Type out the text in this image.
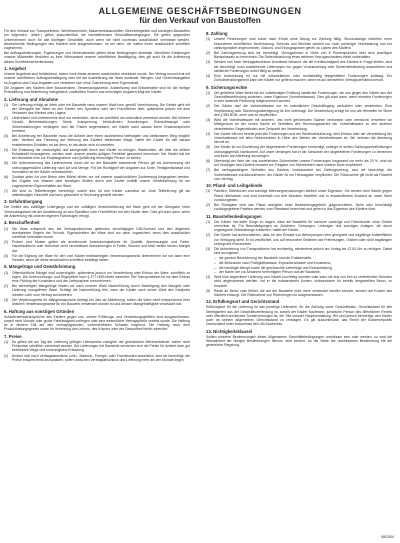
ALLGEMEINE GESCHÄFTSBEDINGUNGEN
für den Verkauf von Baustoffen
Für den Verkauf von Transportbeton, Werkfrischmörtel, Mauerwerksbaustoffen, Betonfertigteilen und sonstigen Baustoffen (im folgenden: „Ware“) gelten ausschließlich die nachstehenden Geschäftsbedingungen. Sie gelten gegenüber Unternehmern auch für alle künftigen Geschäfte, auch wenn sie nicht nochmals ausdrücklich vereinbart werden. Abweichende Bedingungen des Käufers sind ausgeschlossen, es sei denn, wir haben ihnen ausdrücklich schriftlich zugestimmt.
Bei Auftragsänderungen, Ergänzungen und Nebenabreden gelten diese Bedingungen ebenfalls. Mündliche Erklärungen unserer Mitarbeiter bedürfen zu ihrer Wirksamkeit unserer schriftlichen Bestätigung; dies gilt auch für die Aufhebung dieses Schriftformerfordernisses.
1. Angebot
Unsere Angebote sind freibleibend, sofern nicht etwas anderes ausdrücklich vereinbart wurde. Der Vertrag kommt erst mit unserer schriftlichen Auftragsbestätigung oder mit der Auslieferung der Ware zustande. Mengen- und Gewichtsangaben im Angebot sind Circa-Angaben und verstehen sich ohne Zusicherung einer Eigenschaft.
Die Angaben des Käufers über Bauvorhaben, Verwendungszweck, Anfahrtsweg und Entladestelle sind für die richtige Preisbildung und Belieferung maßgebend; zusätzliche Kosten aus unrichtigen Angaben trägt der Käufer.
2. Lieferung und Abnahme
(1)	Die Lieferung erfolgt ab Werk oder frei Baustelle nach unserer Wahl bzw. gemäß Vereinbarung. Die Gefahr geht mit der Übergabe der Ware an den Käufer, den Spediteur oder den Frachtführer über, spätestens jedoch mit dem Verlassen des Werkes oder Lagers.
(2)	Lieferfristen und Liefertermine sind nur verbindlich, wenn sie schriftlich als verbindlich vereinbart wurden. Bei höherer Gewalt, Betriebsstörungen, Streik, Aussperrung, behördlichen Anordnungen, Rohstoffmangel oder Verkehrsstörungen verlängern sich die Fristen angemessen; der Käufer kann daraus keine Ersatzansprüche herleiten.
(3)	Bei Anlieferung frei Baustelle muss die Anfahrt über einen ausreichend befestigten und befahrbaren Weg möglich sein. Verlässt das Fahrzeug auf Weisung des Käufers befahrbare Wege, haftet der Käufer für alle daraus entstehenden Schäden, es sei denn, er hat diese nicht zu vertreten.
(4)	Die Entladung hat unverzüglich und sachgemäß durch den Käufer zu erfolgen. Wartezeiten, die über die übliche Entladezeit hinausgehen, werden nach unserer jeweils gültigen Preisliste gesondert berechnet. Der Käufer hat bei der Abnahme eine zur Empfangnahme und Quittierung berechtigte Person zu stellen.
(5)	Die Unterzeichnung des Lieferscheins durch die an der Baustelle anwesende Person gilt als Anerkennung der ordnungsgemäßen Lieferung nach Art und Menge. Für die Richtigkeit der Angaben zur Sorte, Festigkeitsklasse und Konsistenz ist der Käufer verantwortlich.
(6)	Zusätze jeder Art zum Beton oder Mörtel dürfen nur mit unserer ausdrücklichen Zustimmung beigegeben werden. Bei Zugabe von Wasser oder sonstigen Stoffen durch den Käufer entfällt unsere Gewährleistung für die zugesicherten Eigenschaften der Ware.
(7)	Wir sind zu Teillieferungen berechtigt, soweit dies für den Käufer zumutbar ist. Jede Teillieferung gilt als selbständiges Geschäft und kann gesondert in Rechnung gestellt werden.
3. Gefahrübergang
Die Gefahr des zufälligen Untergangs und der zufälligen Verschlechterung der Ware geht mit der Übergabe, beim Versendungskauf mit der Auslieferung an den Spediteur oder Frachtführer auf den Käufer über. Dies gilt auch dann, wenn die Anlieferung mit unseren eigenen Fahrzeugen erfolgt.
4. Beschaffenheit
(1)	Die Ware entspricht den bei Vertragsabschluss geltenden einschlägigen DIN-Normen und den allgemein anerkannten Regeln der Technik. Eigenschaften der Ware sind nur dann zugesichert, wenn dies ausdrücklich schriftlich vereinbart wurde.
(2)	Proben und Muster gelten als annähernde Anschauungsstücke für Qualität, Abmessungen und Farbe. Handelsübliche oder technisch nicht vermeidbare Abweichungen in Farbe, Struktur und Maß stellen keinen Mangel dar.
(3)	Für die Eignung der Ware für den vom Käufer beabsichtigten Verwendungszweck übernehmen wir nur dann eine Gewähr, wenn wir diese ausdrücklich schriftlich bestätigt haben.
5. Mängelrüge und Gewährleistung
(1)	Offensichtliche Mängel sind unverzüglich, spätestens jedoch vor Verarbeitung oder Einbau der Ware, schriftlich zu rügen. Die Untersuchungs- und Rügepflicht nach § 377 HGB bleibt unberührt. Bei Transportbeton ist vor dem Einbau eine Prüfung der Konsistenz und der Lieferpapiere vorzunehmen.
(2)	Bei berechtigter Mängelrüge leisten wir nach unserer Wahl Nacherfüllung durch Beseitigung des Mangels oder Lieferung mangelfreier Ware. Schlägt die Nacherfüllung fehl, kann der Käufer nach seiner Wahl den Kaufpreis mindern oder vom Vertrag zurücktreten.
(3)	Die Verjährungsfrist für Mängelansprüche beträgt ein Jahr ab Ablieferung, sofern die Ware nicht entsprechend ihrer üblichen Verwendungsweise für ein Bauwerk verwendet worden ist und dessen Mangelhaftigkeit verursacht hat.
6. Haftung aus sonstigen Gründen
Schadensersatzansprüche des Käufers gegen uns, unsere Erfüllungs- und Verrichtungsgehilfen sind ausgeschlossen, soweit nicht Vorsatz oder grobe Fahrlässigkeit vorliegen oder eine wesentliche Vertragspflicht verletzt wurde. Die Haftung ist in diesem Fall auf den vertragstypischen, vorhersehbaren Schaden begrenzt. Die Haftung nach dem Produkthaftungsgesetz sowie für Verletzung des Lebens, des Körpers oder der Gesundheit bleibt unberührt.
7. Preise
(1)	Es gelten die am Tag der Lieferung gültigen Listenpreise zuzüglich der gesetzlichen Mehrwertsteuer, sofern nicht Festpreise schriftlich vereinbart wurden. Bei Lieferungen frei Baustelle verstehen sich die Preise für Anfahrt über gut befahrbare Wege und unverzügliche Entladung.
(2)	Ändern sich nach Vertragsabschluss Lohn-, Material-, Energie- oder Frachtkosten wesentlich, sind wir berechtigt, die Preise entsprechend anzupassen, sofern zwischen Vertragsabschluss und Lieferung mehr als vier Monate liegen.
8. Zahlung
(1)	Unsere Rechnungen sind sofort nach Erhalt ohne Abzug zur Zahlung fällig. Skontoabzüge bedürfen einer besonderen schriftlichen Vereinbarung. Schecks und Wechsel werden nur nach vorheriger Vereinbarung und nur zahlungshalber angenommen; Diskont- und Einzugsspesen gehen zu Lasten des Käufers.
(2)	Bei Zahlungsverzug sind wir berechtigt, Verzugszinsen in Höhe von 8 Prozentpunkten über dem jeweiligen Basiszinssatz zu berechnen. Die Geltendmachung eines weiteren Verzugsschadens bleibt vorbehalten.
(3)	Werden uns nach Vertragsabschluss Umstände bekannt, die die Kreditwürdigkeit des Käufers in Frage stellen, sind wir berechtigt, noch ausstehende Lieferungen nur gegen Vorauszahlung oder Sicherheitsleistung auszuführen und sämtliche Forderungen sofort fällig zu stellen.
(4)	Eine Aufrechnung ist nur mit unbestrittenen oder rechtskräftig festgestellten Forderungen zulässig. Ein Zurückbehaltungsrecht kann der Käufer nur geltend machen, wenn es auf demselben Vertragsverhältnis beruht.
9. Sicherungsrechte
(1)	Die gelieferte Ware bleibt bis zur vollständigen Erfüllung sämtlicher Forderungen, die uns gegen den Käufer aus der Geschäftsverbindung zustehen, unser Eigentum (Vorbehaltsware). Dies gilt auch dann, wenn einzelne Forderungen in eine laufende Rechnung aufgenommen wurden.
(2)	Der Käufer darf die Vorbehaltsware nur im ordentlichen Geschäftsgang veräußern oder verarbeiten. Eine Verpfändung oder Sicherungsübereignung ist ihm untersagt. Die Verarbeitung erfolgt für uns als Hersteller im Sinne des § 950 BGB, ohne uns zu verpflichten.
(3)	Wird die Vorbehaltsware mit anderen, uns nicht gehörenden Sachen verbunden oder vermischt, erwerben wir Miteigentum an der neuen Sache im Verhältnis des Rechnungswertes der Vorbehaltsware zu den anderen verarbeiteten Gegenständen zum Zeitpunkt der Verarbeitung.
(4)	Der Käufer tritt uns bereits jetzt alle Forderungen aus der Weiterveräußerung, dem Einbau oder der Verarbeitung der Vorbehaltsware mit allen Nebenrechten in Höhe des Wertes der Vorbehaltsware ab. Wir nehmen die Abtretung hiermit an.
(5)	Der Käufer ist zur Einziehung der abgetretenen Forderungen ermächtigt, solange er seinen Zahlungsverpflichtungen ordnungsgemäß nachkommt. Auf unser Verlangen hat er die Schuldner der abgetretenen Forderungen zu benennen und ihnen die Abtretung anzuzeigen.
(6)	Übersteigt der Wert der uns zustehenden Sicherheiten unsere Forderungen insgesamt um mehr als 20 %, sind wir auf Verlangen des Käufers insoweit zur Freigabe von Sicherheiten nach unserer Wahl verpflichtet.
(7)	Bei vertragswidrigem Verhalten des Käufers, insbesondere bei Zahlungsverzug, sind wir berechtigt, die Vorbehaltsware zurückzunehmen; der Käufer ist zur Herausgabe verpflichtet. Die Rücknahme gilt nicht als Rücktritt vom Vertrag.
10. Pfand- und Leihgebinde
(1)	Paletten, Gitterboxen und sonstige Mehrwegverpackungen bleiben unser Eigentum. Sie werden dem Käufer gegen Pfand überlassen und sind innerhalb von drei Monaten frachtfrei und in einwandfreiem Zustand an unser Werk zurückzugeben.
(2)	Bei Rückgabe wird das Pfand abzüglich einer Bearbeitungsgebühr gutgeschrieben. Nicht oder beschädigt zurückgegebene Paletten werden zum Pfandwert berechnet und gehen in das Eigentum des Käufers über.
11. Baustellenbedingungen
(1)	Der Käufer hat dafür Sorge zu tragen, dass die Baustelle für schwere Lastzüge und Fahrmischer ohne Gefahr erreichbar ist. Für Beschädigungen an Zufahrten, Gehwegen, Leitungen und sonstigen Anlagen, die durch ungeeignete Zufahrtswege entstehen, haftet der Käufer.
(2)	Der Käufer hat sicherzustellen, dass für den Einsatz von Betonpumpen eine geeignete und tragfähige Aufstellfläche zur Verfügung steht. Er ist verpflichtet, uns auf besondere Gefahren wie Freileitungen, Gräben oder nicht tragfähigen Untergrund hinzuweisen.
(3)	Die Anforderung von Transportbeton hat rechtzeitig, mindestens jedoch am Vortag bis 12.00 Uhr zu erfolgen. Dabei sind anzugeben:
– die genaue Bezeichnung der Baustelle und der Entladestelle,
– die Betonsorte nach Festigkeitsklasse, Expositionsklasse und Konsistenz,
– die benötigte Menge sowie die gewünschte Lieferfolge und Einbauleistung,
– der Name der zur Abnahme berechtigten Person auf der Baustelle.
(4)	Wird eine abgerufene Lieferung vom Käufer kurzfristig storniert oder kann sie aus von ihm zu vertretenden Gründen nicht abgenommen werden, hat er die entstandenen Kosten, insbesondere für bereits hergestellten Beton, zu ersetzen.
(5)	Reste an Beton oder Mörtel, die auf der Baustelle nicht mehr verwendet werden können, werden auf Kosten des Käufers entsorgt. Die Rücknahme von Restmengen ist ausgeschlossen.
12. Erfüllungsort und Gerichtsstand
Erfüllungsort für die Lieferung ist das jeweilige Lieferwerk, für die Zahlung unser Geschäftssitz. Gerichtsstand für alle Streitigkeiten aus der Geschäftsverbindung ist, soweit der Käufer Kaufmann, juristische Person des öffentlichen Rechts oder öffentlich-rechtliches Sondervermögen ist, der Sitz unserer Hauptverwaltung. Wir sind jedoch berechtigt, den Käufer auch an seinem allgemeinen Gerichtsstand zu verklagen. Es gilt ausschließlich das Recht der Bundesrepublik Deutschland unter Ausschluss des UN-Kaufrechts.
13. Nichtigkeitsklausel
Sollten einzelne Bestimmungen dieser Allgemeinen Geschäftsbedingungen unwirksam sein oder werden, so wird die Wirksamkeit der übrigen Bestimmungen hiervon nicht berührt. An die Stelle der unwirksamen Bestimmung tritt die gesetzliche Regelung.
08/2004
